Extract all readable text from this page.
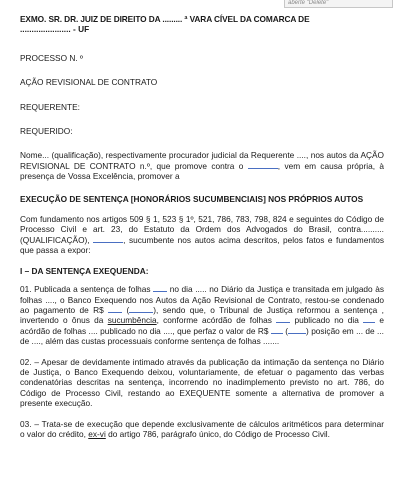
aberte "Delete"

EXMO. SR. DR. JUIZ DE DIREITO DA ......... ª VARA CÍVEL DA COMARCA DE

...................... - UF

PROCESSO N. º

AÇÃO REVISIONAL DE CONTRATO

REQUERENTE:

REQUERIDO:

Nome... (qualificação), respectivamente procurador judicial da Requerente ...., nos autos da AÇÃO REVISIONAL DE CONTRATO n.º, que promove contra o	, vem em causa própria, à presença de Vossa Excelência, promover a

EXECUÇÃO DE SENTENÇA [HONORÁRIOS SUCUMBENCIAIS] NOS PRÓPRIOS AUTOS

Com fundamento nos artigos 509 § 1, 523 § 1º, 521, 786, 783, 798, 824 e seguintes do Código de Processo Civil e art. 23, do Estatuto da Ordem dos Advogados do Brasil, contra.......... (QUALIFICAÇÃO),	, sucumbente nos autos acima descritos, pelos fatos e fundamentos que passa a expor:

I – DA SENTENÇA EXEQUENDA:

01. Publicada a sentença de folhas no dia ..... no Diário da Justiça e transitada em julgado às folhas ...., o Banco Exequendo nos Autos da Ação Revisional de Contrato, restou-se condenado ao pagamento de R$	(	), sendo que, o Tribunal de Justiça reformou a sentença , invertendo o ônus da sucumbência, conforme acórdão de folhas	publicado no dia e acórdão de folhas .... publicado no dia ...., que perfaz o valor de R$ ( ) posição em ... de ... de ...., além das custas processuais conforme sentença de folhas .......

02. – Apesar de devidamente intimado através da publicação da intimação da sentença no Diário de Justiça, o Banco Exequendo deixou, voluntariamente, de efetuar o pagamento das verbas condenatórias descritas na sentença, incorrendo no inadimplemento previsto no art. 786, do Código de Processo Civil, restando ao EXEQUENTE somente a alternativa de promover a presente execução.

03. – Trata-se de execução que depende exclusivamente de cálculos aritméticos para determinar o valor do crédito, ex-vi do artigo 786, parágrafo único, do Código de Processo Civil.
